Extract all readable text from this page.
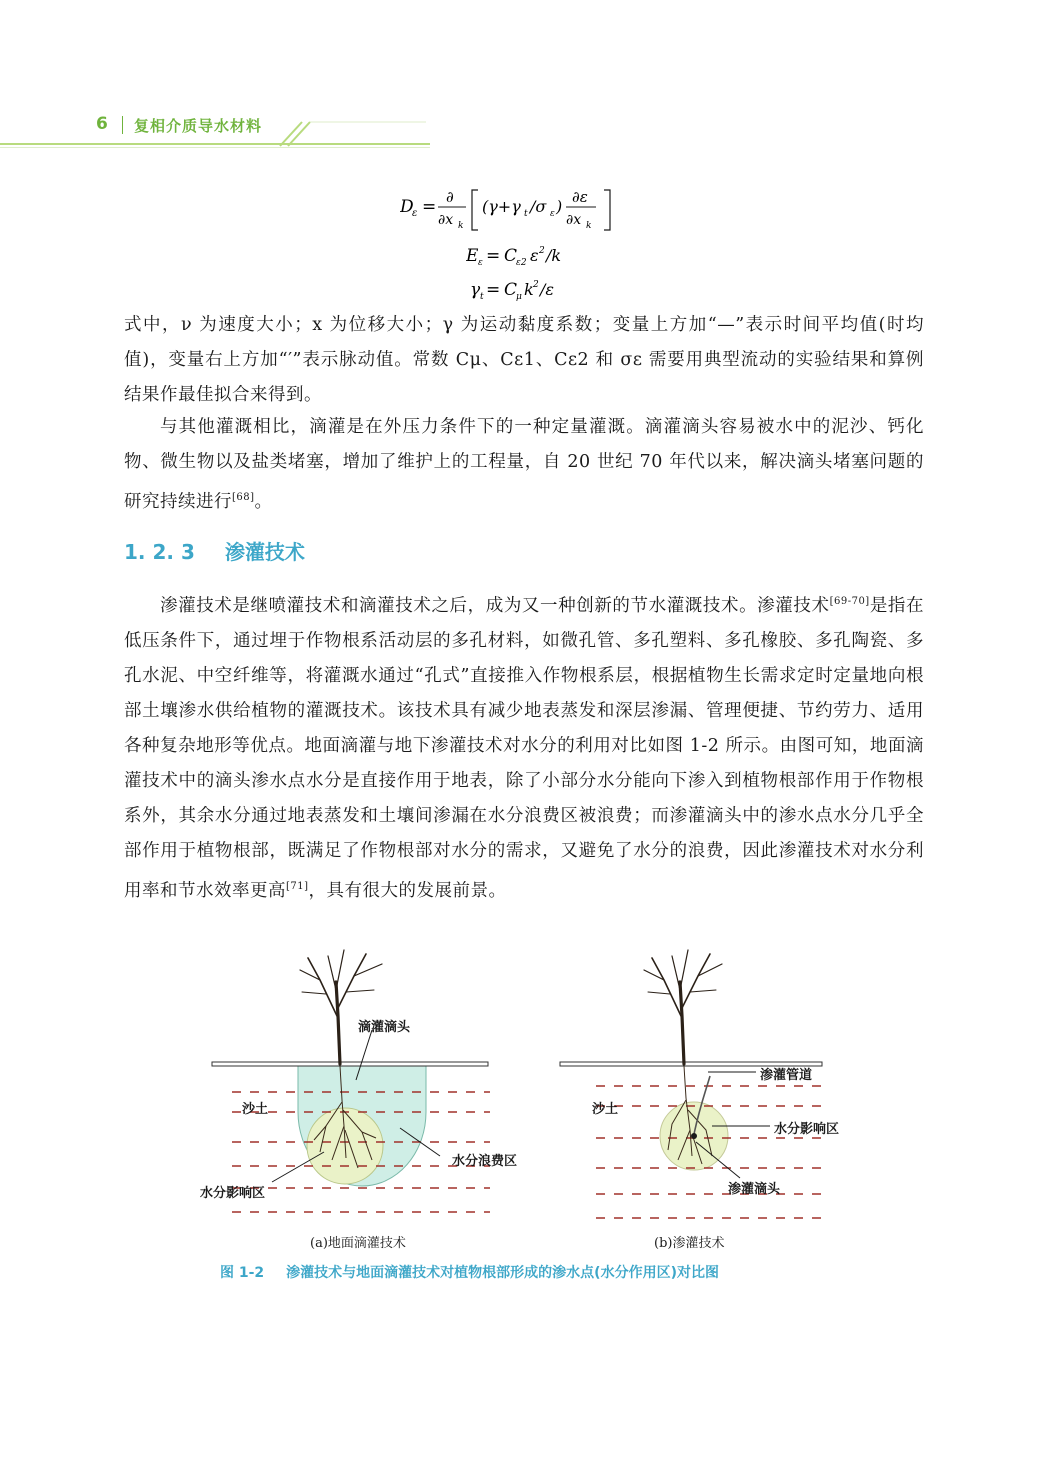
6 复相介质导水材料
D
ε = ∂
∂x k
(γ+γ t /σ ε ) ∂ε
∂x k
E ε = C
ε2 ε 2 /k
γ t = C
μ k 2 /ε

式中，ν 为速度大小；x 为位移大小；γ 为运动黏度系数；变量上方加“—”表示时间平均值(时均值)，变量右上方加“′”表示脉动值。常数 Cμ、Cε1、Cε2 和 σε 需要用典型流动的实验结果和算例结果作最佳拟合来得到。

与其他灌溉相比，滴灌是在外压力条件下的一种定量灌溉。滴灌滴头容易被水中的泥沙、钙化物、微生物以及盐类堵塞，增加了维护上的工程量，自 20 世纪 70 年代以来，解决滴头堵塞问题的研究持续进行[68]。

1. 2. 3 渗灌技术

渗灌技术是继喷灌技术和滴灌技术之后，成为又一种创新的节水灌溉技术。渗灌技术[69-70]是指在低压条件下，通过埋于作物根系活动层的多孔材料，如微孔管、多孔塑料、多孔橡胶、多孔陶瓷、多孔水泥、中空纤维等，将灌溉水通过“孔式”直接推入作物根系层，根据植物生长需求定时定量地向根部土壤渗水供给植物的灌溉技术。该技术具有减少地表蒸发和深层渗漏、管理便捷、节约劳力、适用各种复杂地形等优点。地面滴灌与地下渗灌技术对水分的利用对比如图 1-2 所示。由图可知，地面滴灌技术中的滴头渗水点水分是直接作用于地表，除了小部分水分能向下渗入到植物根部作用于作物根系外，其余水分通过地表蒸发和土壤间渗漏在水分浪费区被浪费；而渗灌滴头中的渗水点水分几乎全部作用于植物根部，既满足了作物根部对水分的需求，又避免了水分的浪费，因此渗灌技术对水分利用率和节水效率更高[71]，具有很大的发展前景。

滴灌滴头
沙土
水分浪费区
水分影响区
(a)地面滴灌技术
渗灌管道
沙土
水分影响区
渗灌滴头
(b)渗灌技术
图 1-2 渗灌技术与地面滴灌技术对植物根部形成的渗水点(水分作用区)对比图
